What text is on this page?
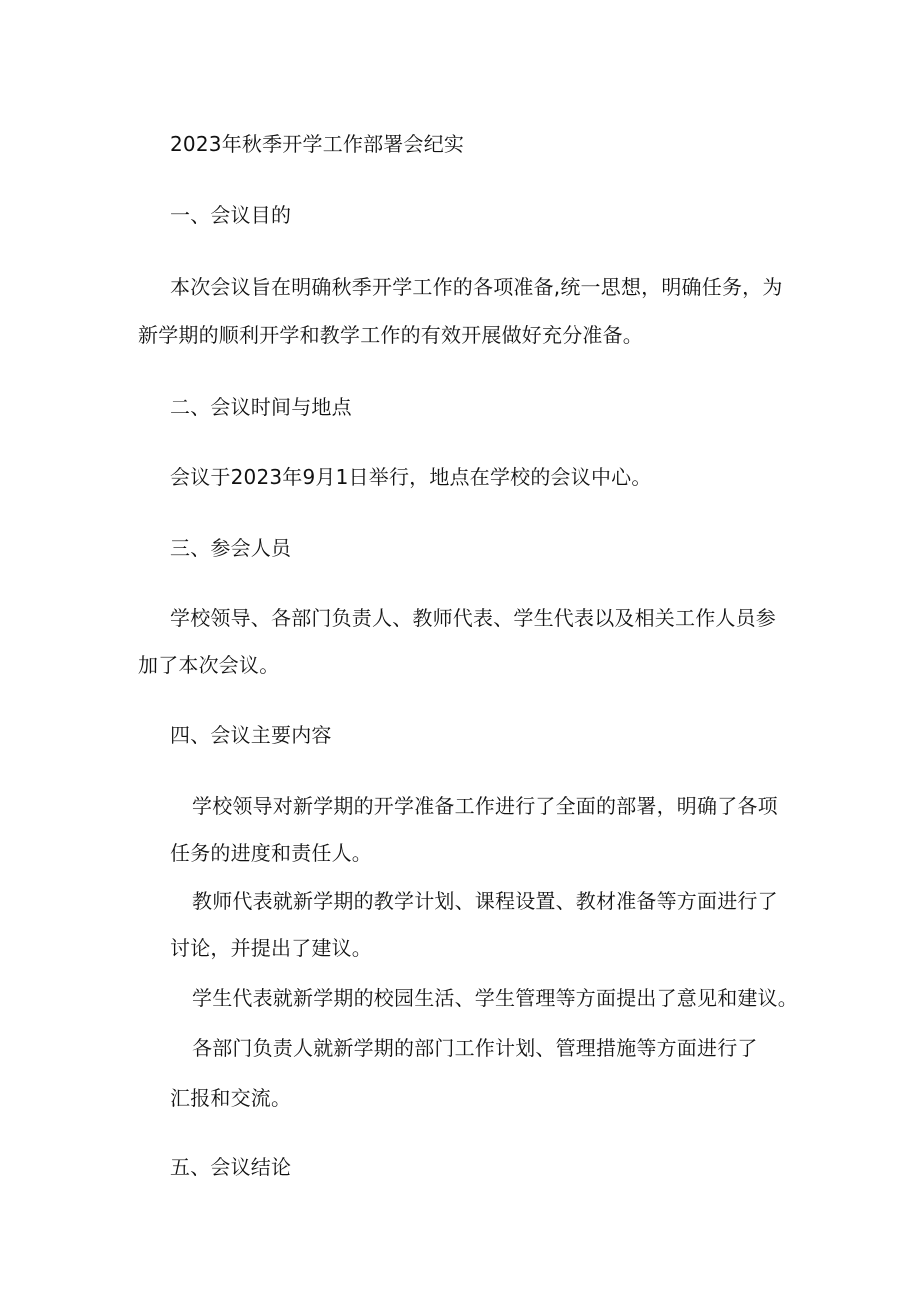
2023年秋季开学工作部署会纪实
一、会议目的
本次会议旨在明确秋季开学工作的各项准备,统一思想，明确任务，为
新学期的顺利开学和教学工作的有效开展做好充分准备。
二、会议时间与地点
会议于2023年9月1日举行，地点在学校的会议中心。
三、参会人员
学校领导、各部门负责人、教师代表、学生代表以及相关工作人员参
加了本次会议。
四、会议主要内容
学校领导对新学期的开学准备工作进行了全面的部署，明确了各项
任务的进度和责任人。
教师代表就新学期的教学计划、课程设置、教材准备等方面进行了
讨论，并提出了建议。
学生代表就新学期的校园生活、学生管理等方面提出了意见和建议。
各部门负责人就新学期的部门工作计划、管理措施等方面进行了
汇报和交流。
五、会议结论
